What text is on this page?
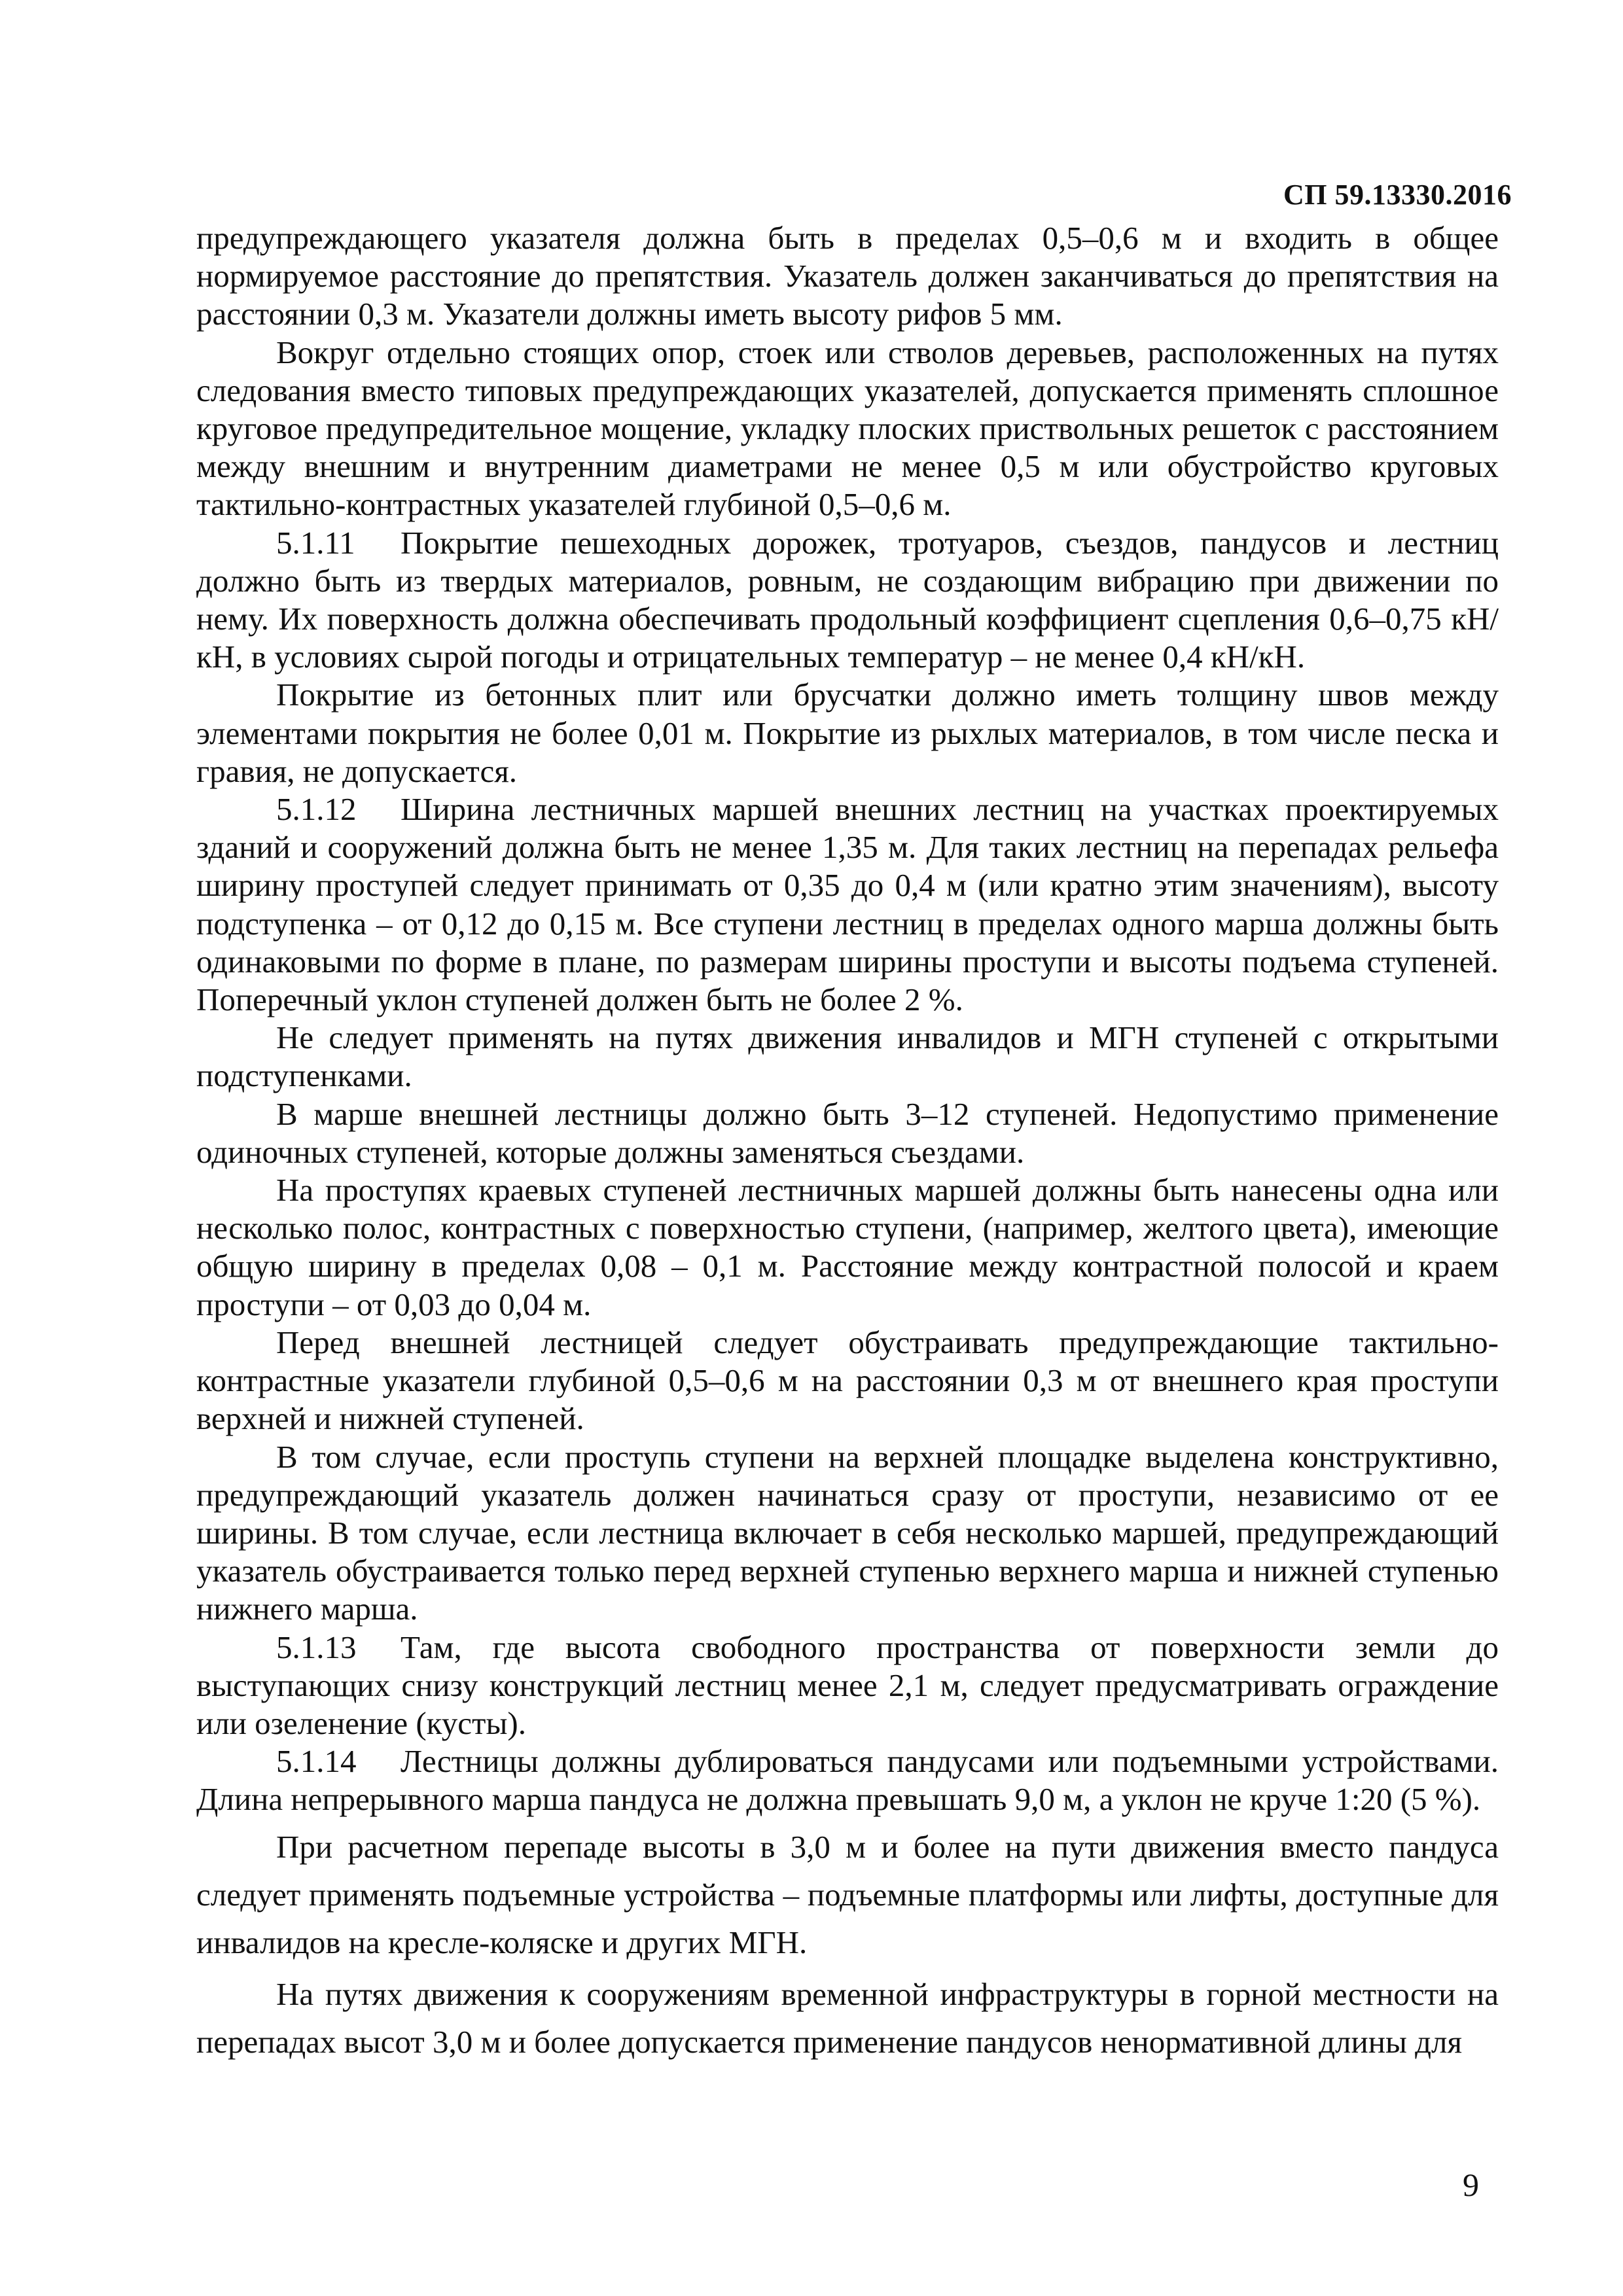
СП 59.13330.2016

предупреждающего указателя должна быть в пределах 0,5–0,6 м и входить в общее нормируемое расстояние до препятствия. Указатель должен заканчиваться до препятствия на расстоянии 0,3 м. Указатели должны иметь высоту рифов 5 мм.

Вокруг отдельно стоящих опор, стоек или стволов деревьев, расположенных на путях следования вместо типовых предупреждающих указателей, допускается применять сплошное круговое предупредительное мощение, укладку плоских приствольных решеток с расстоянием между внешним и внутренним диаметрами не менее 0,5 м или обустройство круговых тактильно-контрастных указателей глубиной 0,5–0,6 м.

5.1.11 Покрытие пешеходных дорожек, тротуаров, съездов, пандусов и лестниц должно быть из твердых материалов, ровным, не создающим вибрацию при движении по нему. Их поверхность должна обеспечивать продольный коэффициент сцепления 0,6–0,75 кН/кН, в условиях сырой погоды и отрицательных температур – не менее 0,4 кН/кН.

Покрытие из бетонных плит или брусчатки должно иметь толщину швов между элементами покрытия не более 0,01 м. Покрытие из рыхлых материалов, в том числе песка и гравия, не допускается.

5.1.12 Ширина лестничных маршей внешних лестниц на участках проектируемых зданий и сооружений должна быть не менее 1,35 м. Для таких лестниц на перепадах рельефа ширину проступей следует принимать от 0,35 до 0,4 м (или кратно этим значениям), высоту подступенка – от 0,12 до 0,15 м. Все ступени лестниц в пределах одного марша должны быть одинаковыми по форме в плане, по размерам ширины проступи и высоты подъема ступеней. Поперечный уклон ступеней должен быть не более 2 %.

Не следует применять на путях движения инвалидов и МГН ступеней с открытыми подступенками.

В марше внешней лестницы должно быть 3–12 ступеней. Недопустимо применение одиночных ступеней, которые должны заменяться съездами.

На проступях краевых ступеней лестничных маршей должны быть нанесены одна или несколько полос, контрастных с поверхностью ступени, (например, желтого цвета), имеющие общую ширину в пределах 0,08 – 0,1 м. Расстояние между контрастной полосой и краем проступи – от 0,03 до 0,04 м.

Перед внешней лестницей следует обустраивать предупреждающие тактильно-контрастные указатели глубиной 0,5–0,6 м на расстоянии 0,3 м от внешнего края проступи верхней и нижней ступеней.

В том случае, если проступь ступени на верхней площадке выделена конструктивно, предупреждающий указатель должен начинаться сразу от проступи, независимо от ее ширины. В том случае, если лестница включает в себя несколько маршей, предупреждающий указатель обустраивается только перед верхней ступенью верхнего марша и нижней ступенью нижнего марша.

5.1.13 Там, где высота свободного пространства от поверхности земли до выступающих снизу конструкций лестниц менее 2,1 м, следует предусматривать ограждение или озеленение (кусты).

5.1.14 Лестницы должны дублироваться пандусами или подъемными устройствами. Длина непрерывного марша пандуса не должна превышать 9,0 м, а уклон не круче 1:20 (5 %).

При расчетном перепаде высоты в 3,0 м и более на пути движения вместо пандуса следует применять подъемные устройства – подъемные платформы или лифты, доступные для инвалидов на кресле-коляске и других МГН.

На путях движения к сооружениям временной инфраструктуры в горной местности на перепадах высот 3,0 м и более допускается применение пандусов ненормативной длины для

9
